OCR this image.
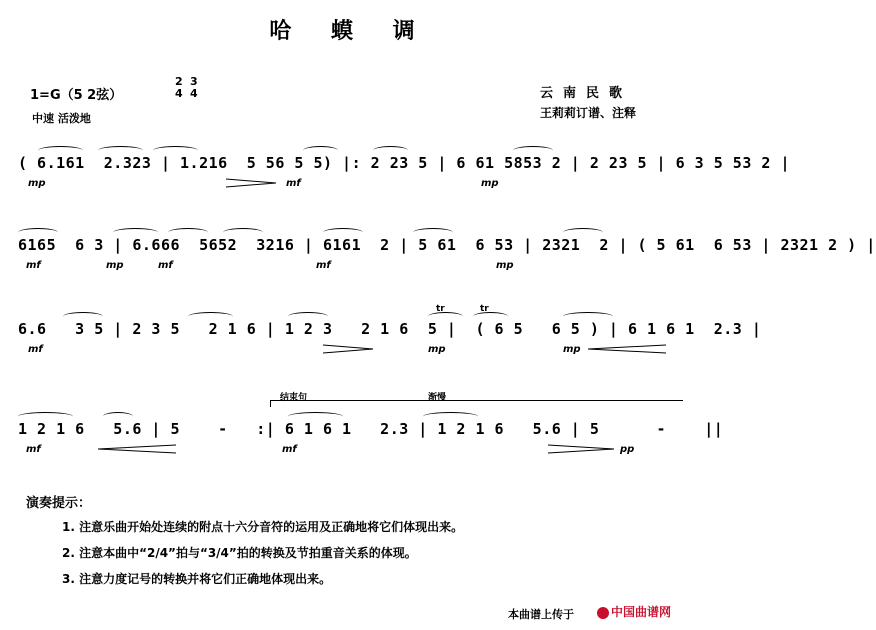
哈 蟆 调
1=G（5 2弦）
2
4
3
4
中速 活泼地
云南民歌
王莉莉订谱、注释
( 6.161  2.323 | 1.216  5 56 5 5) |: 2 23 5 | 6 61 5853 2 | 2 23 5 | 6 3 5 53 2 |
mp	mf	mp
6165  6 3 | 6.666  5652  3216 | 6161  2 | 5 61  6 53 | 2321  2 | ( 5 61  6 53 | 2321 2 ) |
mf	mp	mf	mf	mp
6.6   3 5 | 2 3 5   2 1 6 | 1 2 3   2 1 6  5 |  ( 6 5   6 5 ) | 6 1 6 1  2.3 |
tr	tr
mf	mp	mp
结束句	渐慢
1 2 1 6   5.6 | 5    -   :| 6 1 6 1   2.3 | 1 2 1 6   5.6 | 5      -    ||
mf	mf	pp
演奏提示：
1. 注意乐曲开始处连续的附点十六分音符的运用及正确地将它们体现出来。
2. 注意本曲中“2/4”拍与“3/4”拍的转换及节拍重音关系的体现。
3. 注意力度记号的转换并将它们正确地体现出来。
本曲谱上传于	中国曲谱网
